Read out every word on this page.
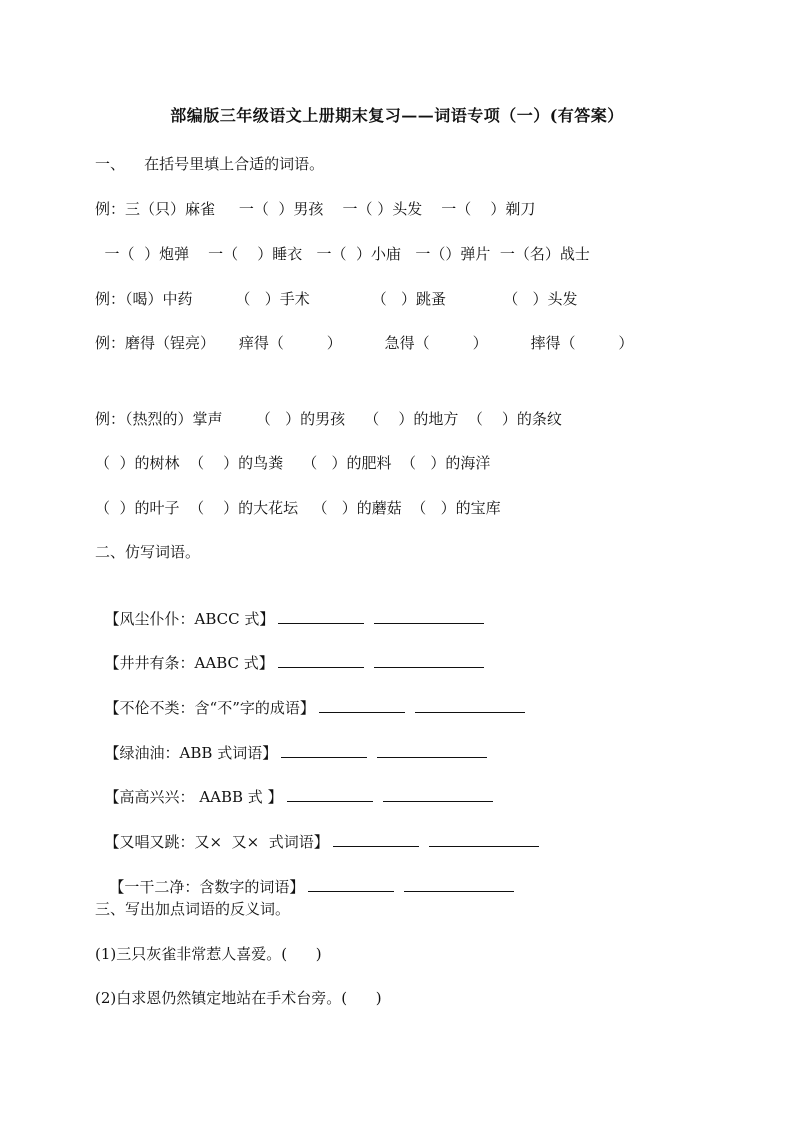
部编版三年级语文上册期末复习——词语专项（一）(有答案）
一、    在括号里填上合适的词语。
例：三（只）麻雀     一（  ）男孩    一（ ）头发    一（    ）剃刀
一（  ）炮弹    一（    ）睡衣   一（  ）小庙   一（）弹片  一（名）战士
例：（喝）中药         （   ）手术             （   ）跳蚤            （   ）头发
例：磨得（锃亮）     痒得（         ）         急得（         ）         摔得（         ）
例：（热烈的）掌声       （   ）的男孩    （    ）的地方  （    ）的条纹
（  ）的树林  （    ）的鸟粪    （   ）的肥料  （   ）的海洋
（  ）的叶子  （    ）的大花坛   （   ）的蘑菇  （   ）的宝库
二、仿写词语。

【风尘仆仆：ABCC 式】

【井井有条：AABC 式】

【不伦不类：含“不”字的成语】

【绿油油：ABB 式词语】

【高高兴兴： AABB 式 】

【又唱又跳：又×  又×  式词语】

【一干二净：含数字的词语】

三、写出加点词语的反义词。
(1)三只灰雀非常惹人喜爱。(      )
(2)白求恩仍然镇定地站在手术台旁。(      )
